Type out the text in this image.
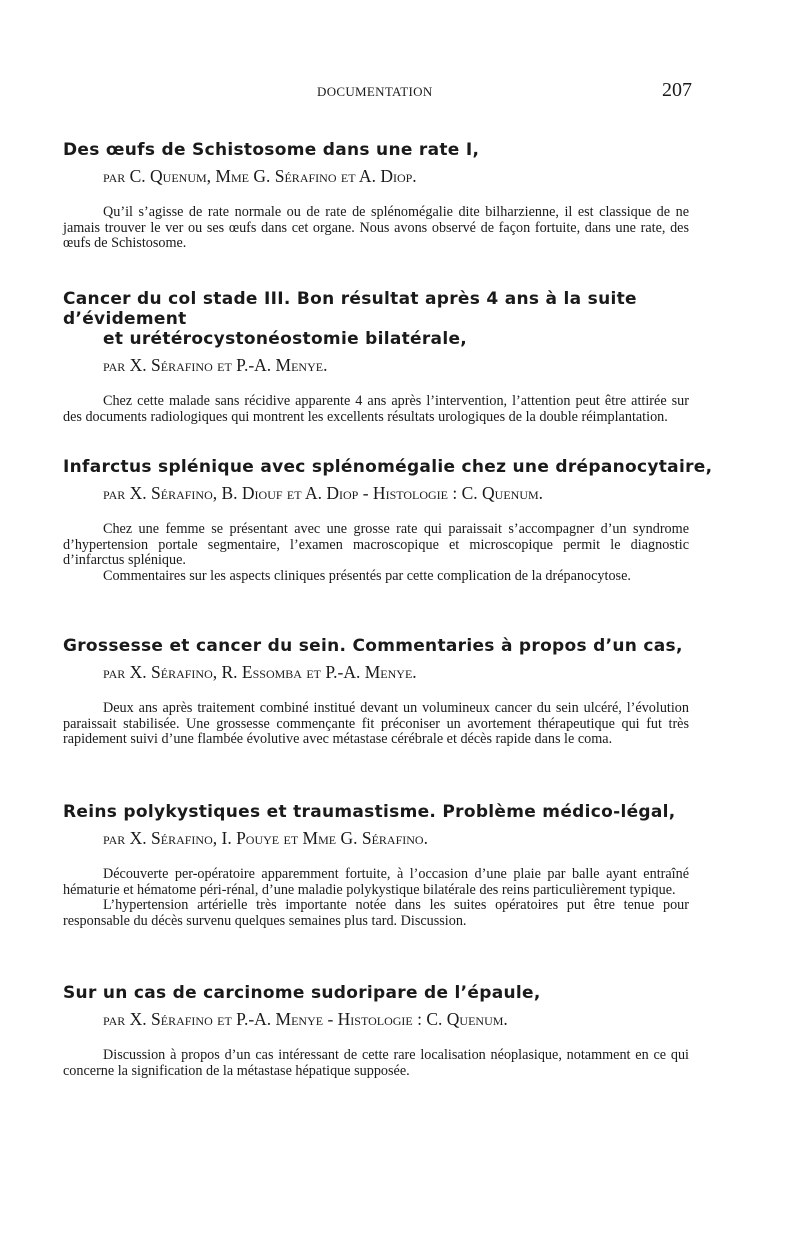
DOCUMENTATION	207
Des œufs de Schistosome dans une rate I,

par C. Quenum, Mme G. Sérafino et A. Diop.

Qu’il s’agisse de rate normale ou de rate de splénomégalie dite bilharzienne, il est classique de ne jamais trouver le ver ou ses œufs dans cet organe. Nous avons observé de façon fortuite, dans une rate, des œufs de Schistosome.

Cancer du col stade III. Bon résultat après 4 ans à la suite d’évidement
et urétérocystonéostomie bilatérale,

par X. Sérafino et P.-A. Menye.

Chez cette malade sans récidive apparente 4 ans après l’intervention, l’attention peut être attirée sur des documents radiologiques qui montrent les excellents résultats urologiques de la double réimplantation.

Infarctus splénique avec splénomégalie chez une drépanocytaire,

par X. Sérafino, B. Diouf et A. Diop - Histologie : C. Quenum.

Chez une femme se présentant avec une grosse rate qui paraissait s’accompagner d’un syndrome d’hypertension portale segmentaire, l’examen macroscopique et microscopique permit le diagnostic d’infarctus splénique.

Commentaires sur les aspects cliniques présentés par cette complication de la drépanocytose.

Grossesse et cancer du sein. Commentaries à propos d’un cas,

par X. Sérafino, R. Essomba et P.-A. Menye.

Deux ans après traitement combiné institué devant un volumineux cancer du sein ulcéré, l’évolution paraissait stabilisée. Une grossesse commençante fit préconiser un avortement thérapeutique qui fut très rapidement suivi d’une flambée évolutive avec métastase cérébrale et décès rapide dans le coma.

Reins polykystiques et traumastisme. Problème médico-légal,

par X. Sérafino, I. Pouye et Mme G. Sérafino.

Découverte per-opératoire apparemment fortuite, à l’occasion d’une plaie par balle ayant entraîné hématurie et hématome péri-rénal, d’une maladie polykystique bilatérale des reins particulièrement typique.

L’hypertension artérielle très importante notée dans les suites opératoires put être tenue pour responsable du décès survenu quelques semaines plus tard. Discussion.

Sur un cas de carcinome sudoripare de l’épaule,

par X. Sérafino et P.-A. Menye - Histologie : C. Quenum.

Discussion à propos d’un cas intéressant de cette rare localisation néoplasique, notamment en ce qui concerne la signification de la métastase hépatique supposée.
